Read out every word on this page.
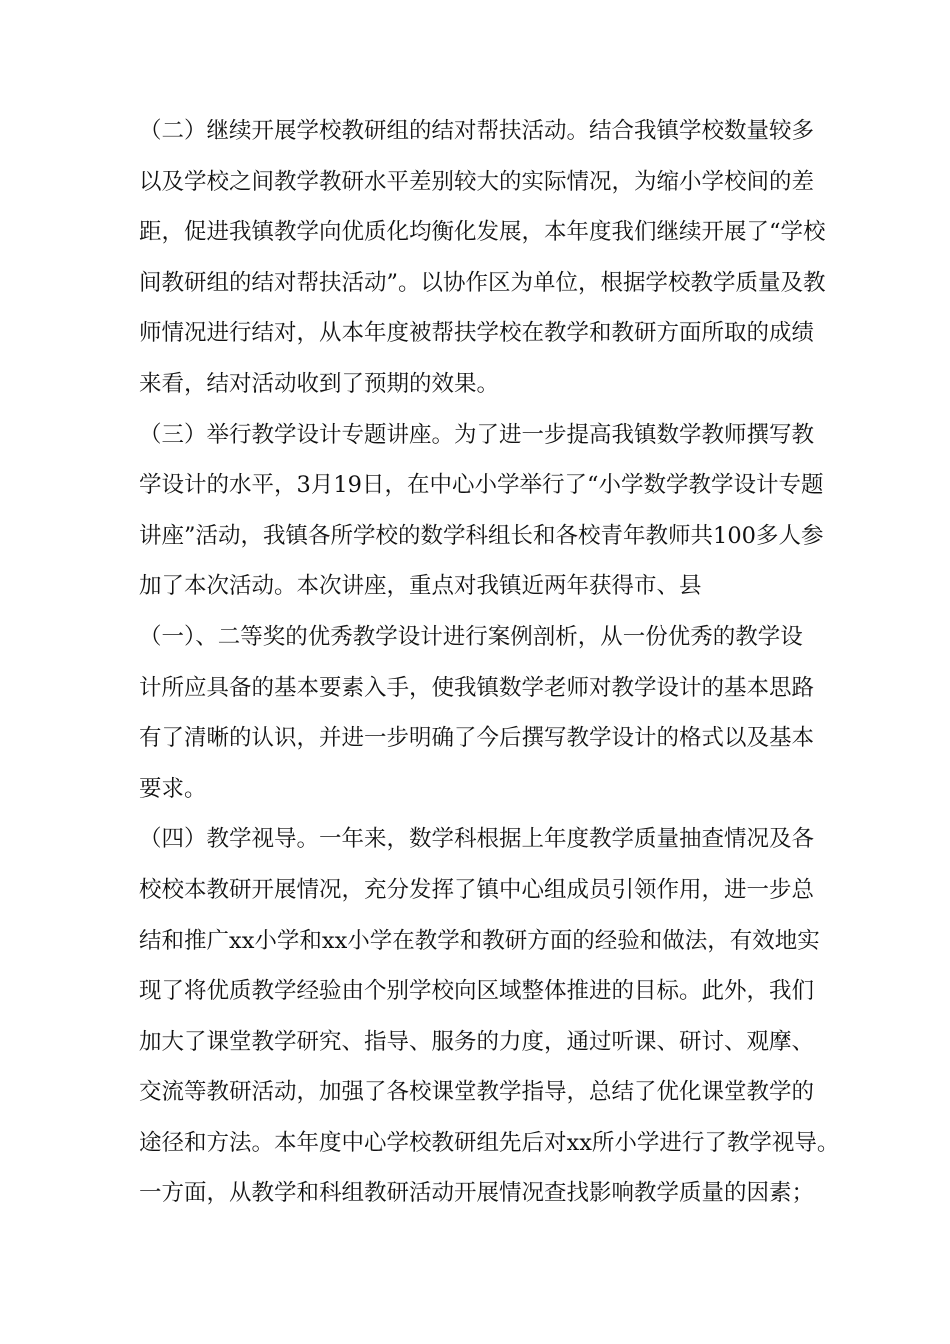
（二）继续开展学校教研组的结对帮扶活动。结合我镇学校数量较多
以及学校之间教学教研水平差别较大的实际情况，为缩小学校间的差
距，促进我镇教学向优质化均衡化发展，本年度我们继续开展了“学校
间教研组的结对帮扶活动”。以协作区为单位，根据学校教学质量及教
师情况进行结对，从本年度被帮扶学校在教学和教研方面所取的成绩
来看，结对活动收到了预期的效果。
（三）举行教学设计专题讲座。为了进一步提高我镇数学教师撰写教
学设计的水平，3月19日，在中心小学举行了“小学数学教学设计专题
讲座”活动，我镇各所学校的数学科组长和各校青年教师共100多人参
加了本次活动。本次讲座，重点对我镇近两年获得市、县
（一）、二等奖的优秀教学设计进行案例剖析，从一份优秀的教学设
计所应具备的基本要素入手，使我镇数学老师对教学设计的基本思路
有了清晰的认识，并进一步明确了今后撰写教学设计的格式以及基本
要求。
（四）教学视导。一年来，数学科根据上年度教学质量抽查情况及各
校校本教研开展情况，充分发挥了镇中心组成员引领作用，进一步总
结和推广xx小学和xx小学在教学和教研方面的经验和做法，有效地实
现了将优质教学经验由个别学校向区域整体推进的目标。此外，我们
加大了课堂教学研究、指导、服务的力度，通过听课、研讨、观摩、
交流等教研活动，加强了各校课堂教学指导，总结了优化课堂教学的
途径和方法。本年度中心学校教研组先后对xx所小学进行了教学视导。
一方面，从教学和科组教研活动开展情况查找影响教学质量的因素；
